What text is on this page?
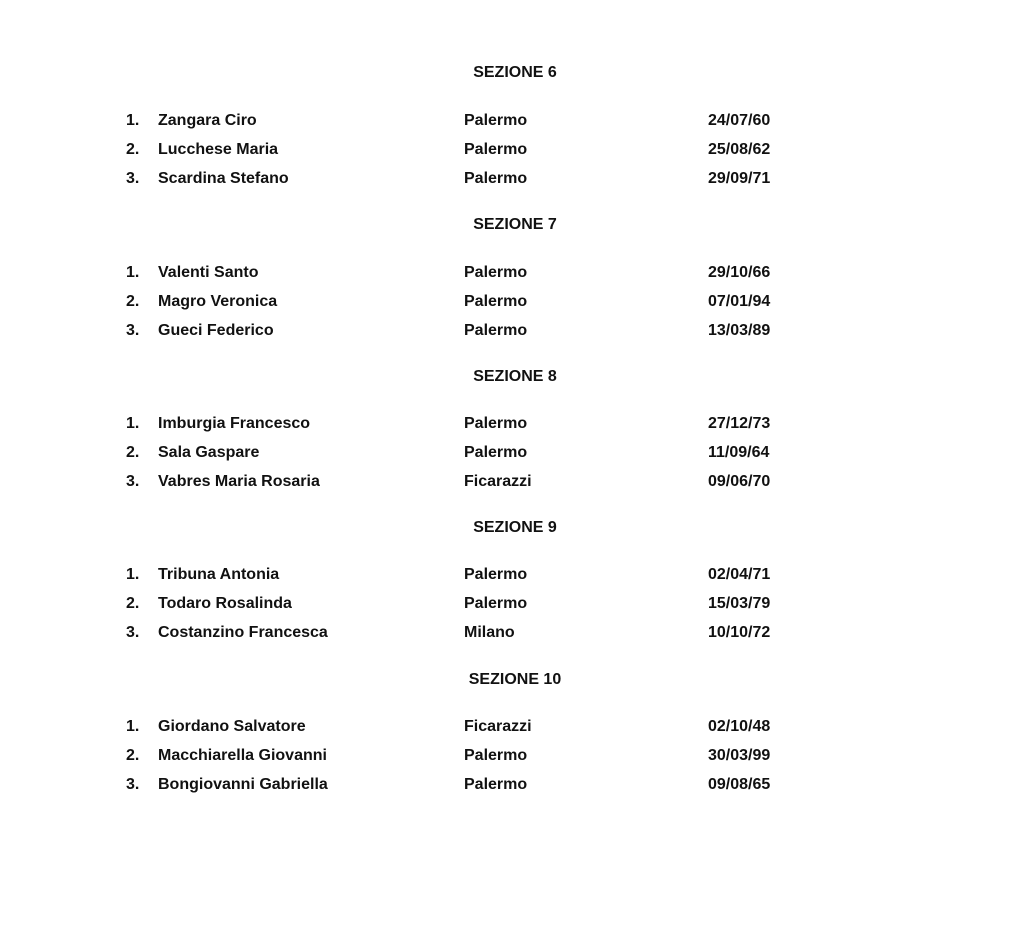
SEZIONE 6
1.	Zangara Ciro	Palermo	24/07/60
2.	Lucchese Maria	Palermo	25/08/62
3.	Scardina Stefano	Palermo	29/09/71
SEZIONE 7
1.	Valenti Santo	Palermo	29/10/66
2.	Magro Veronica	Palermo	07/01/94
3.	Gueci Federico	Palermo	13/03/89
SEZIONE 8
1.	Imburgia Francesco	Palermo	27/12/73
2.	Sala Gaspare	Palermo	11/09/64
3.	Vabres Maria Rosaria	Ficarazzi	09/06/70
SEZIONE 9
1.	Tribuna Antonia	Palermo	02/04/71
2.	Todaro Rosalinda	Palermo	15/03/79
3.	Costanzino Francesca	Milano	10/10/72
SEZIONE 10
1.	Giordano Salvatore	Ficarazzi	02/10/48
2.	Macchiarella Giovanni	Palermo	30/03/99
3.	Bongiovanni Gabriella	Palermo	09/08/65
